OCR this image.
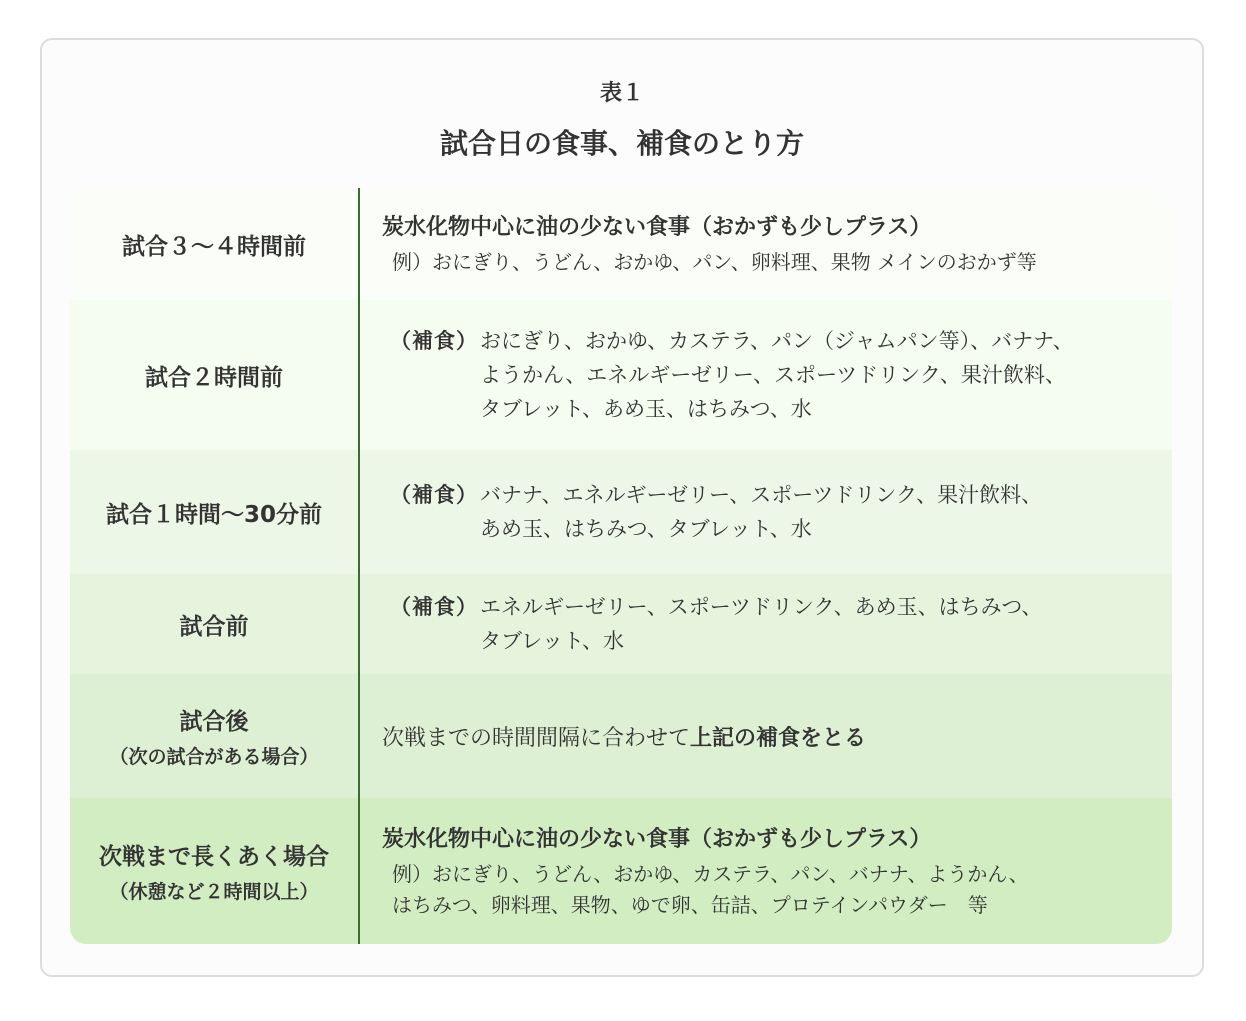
表１
試合日の食事、補食のとり方
試合３〜４時間前
炭水化物中心に油の少ない食事（おかずも少しプラス）
例）おにぎり、うどん、おかゆ、パン、卵料理、果物 メインのおかず等
試合２時間前
（補食） おにぎり、おかゆ、カステラ、パン（ジャムパン等）、バナナ、
ようかん、エネルギーゼリー、スポーツドリンク、果汁飲料、
タブレット、あめ玉、はちみつ、水
試合１時間〜30分前
（補食） バナナ、エネルギーゼリー、スポーツドリンク、果汁飲料、
あめ玉、はちみつ、タブレット、水
試合前
（補食） エネルギーゼリー、スポーツドリンク、あめ玉、はちみつ、
タブレット、水
試合後
（次の試合がある場合）
次戦までの時間間隔に合わせて上記の補食をとる
次戦まで長くあく場合
（休憩など２時間以上）
炭水化物中心に油の少ない食事（おかずも少しプラス）
例）おにぎり、うどん、おかゆ、カステラ、パン、バナナ、ようかん、
はちみつ、卵料理、果物、ゆで卵、缶詰、プロテインパウダー　等
